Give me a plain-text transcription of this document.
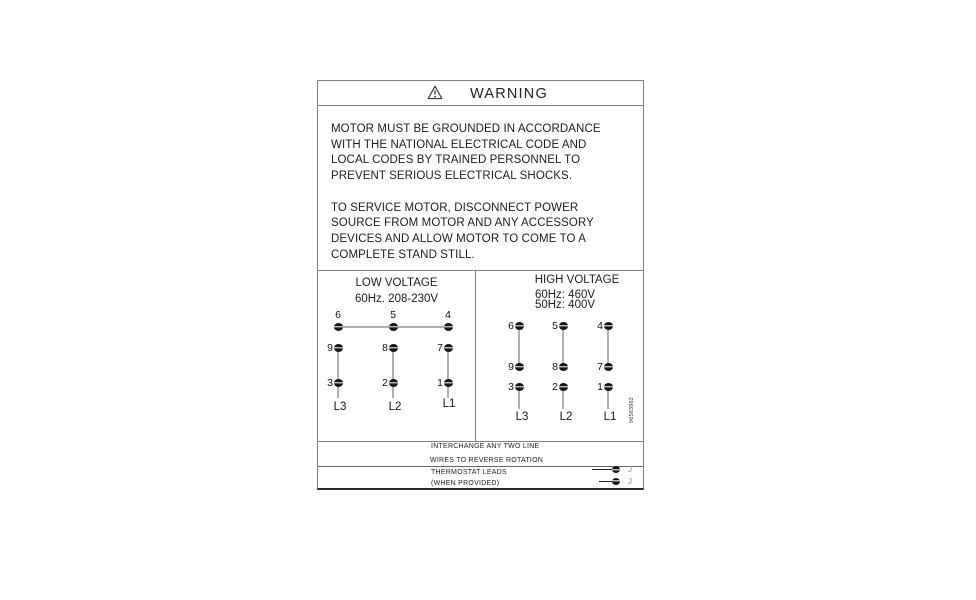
WARNING
MOTOR MUST BE GROUNDED IN ACCORDANCE
WITH THE NATIONAL ELECTRICAL CODE AND
LOCAL CODES BY TRAINED PERSONNEL TO
PREVENT SERIOUS ELECTRICAL SHOCKS.
TO SERVICE MOTOR, DISCONNECT POWER
SOURCE FROM MOTOR AND ANY ACCESSORY
DEVICES AND ALLOW MOTOR TO COME TO A
COMPLETE STAND STILL.
LOW VOLTAGE
60Hz. 208-230V
6	5	4
9	8	7
3	2	1
L3	L2	L1
HIGH VOLTAGE
60Hz: 460V
50Hz: 400V
6	5	4
9	8	7
3	2	1
L3	L2	L1 96563962
INTERCHANGE ANY TWO LINE
WIRES TO REVERSE ROTATION
THERMOSTAT LEADS
(WHEN PROVIDED)
J
J
